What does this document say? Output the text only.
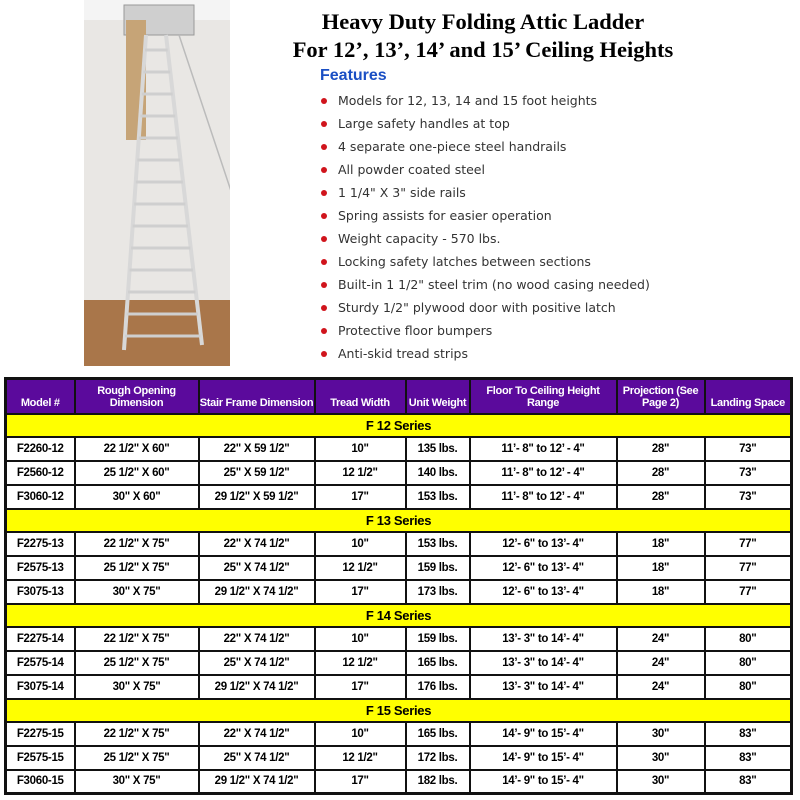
Heavy Duty Folding Attic Ladder
For 12’, 13’, 14’ and 15’ Ceiling Heights
Features
Models for 12, 13, 14 and 15 foot heights
Large safety handles at top
4 separate one-piece steel handrails
All powder coated steel
1 1/4" X 3" side rails
Spring assists for easier operation
Weight capacity - 570 lbs.
Locking safety latches between sections
Built-in 1 1/2" steel trim (no wood casing needed)
Sturdy 1/2" plywood door with positive latch
Protective floor bumpers
Anti-skid tread strips
Model #	Rough Opening Dimension	Stair Frame Dimension	Tread Width	Unit Weight	Floor To Ceiling Height Range	Projection (See Page 2)	Landing Space
F 12 Series							
F2260-12	22 1/2" X 60"	22" X 59 1/2"	10"	135 lbs.	11’- 8" to 12’ - 4"	28"	73"
F2560-12	25 1/2" X 60"	25" X 59 1/2"	12 1/2"	140 lbs.	11’- 8" to 12’ - 4"	28"	73"
F3060-12	30" X 60"	29 1/2" X 59 1/2"	17"	153 lbs.	11’- 8" to 12’ - 4"	28"	73"
F 13 Series							
F2275-13	22 1/2" X 75"	22" X 74 1/2"	10"	153 lbs.	12’- 6" to 13’- 4"	18"	77"
F2575-13	25 1/2" X 75"	25" X 74 1/2"	12 1/2"	159 lbs.	12’- 6" to 13’- 4"	18"	77"
F3075-13	30" X 75"	29 1/2" X 74 1/2"	17"	173 lbs.	12’- 6" to 13’- 4"	18"	77"
F 14 Series							
F2275-14	22 1/2" X 75"	22" X 74 1/2"	10"	159 lbs.	13’- 3" to 14’- 4"	24"	80"
F2575-14	25 1/2" X 75"	25" X 74 1/2"	12 1/2"	165 lbs.	13’- 3" to 14’- 4"	24"	80"
F3075-14	30" X 75"	29 1/2" X 74 1/2"	17"	176 lbs.	13’- 3" to 14’- 4"	24"	80"
F 15 Series							
F2275-15	22 1/2" X 75"	22" X 74 1/2"	10"	165 lbs.	14’- 9" to 15’- 4"	30"	83"
F2575-15	25 1/2" X 75"	25" X 74 1/2"	12 1/2"	172 lbs.	14’- 9" to 15’- 4"	30"	83"
F3060-15	30" X 75"	29 1/2" X 74 1/2"	17"	182 lbs.	14’- 9" to 15’- 4"	30"	83"
